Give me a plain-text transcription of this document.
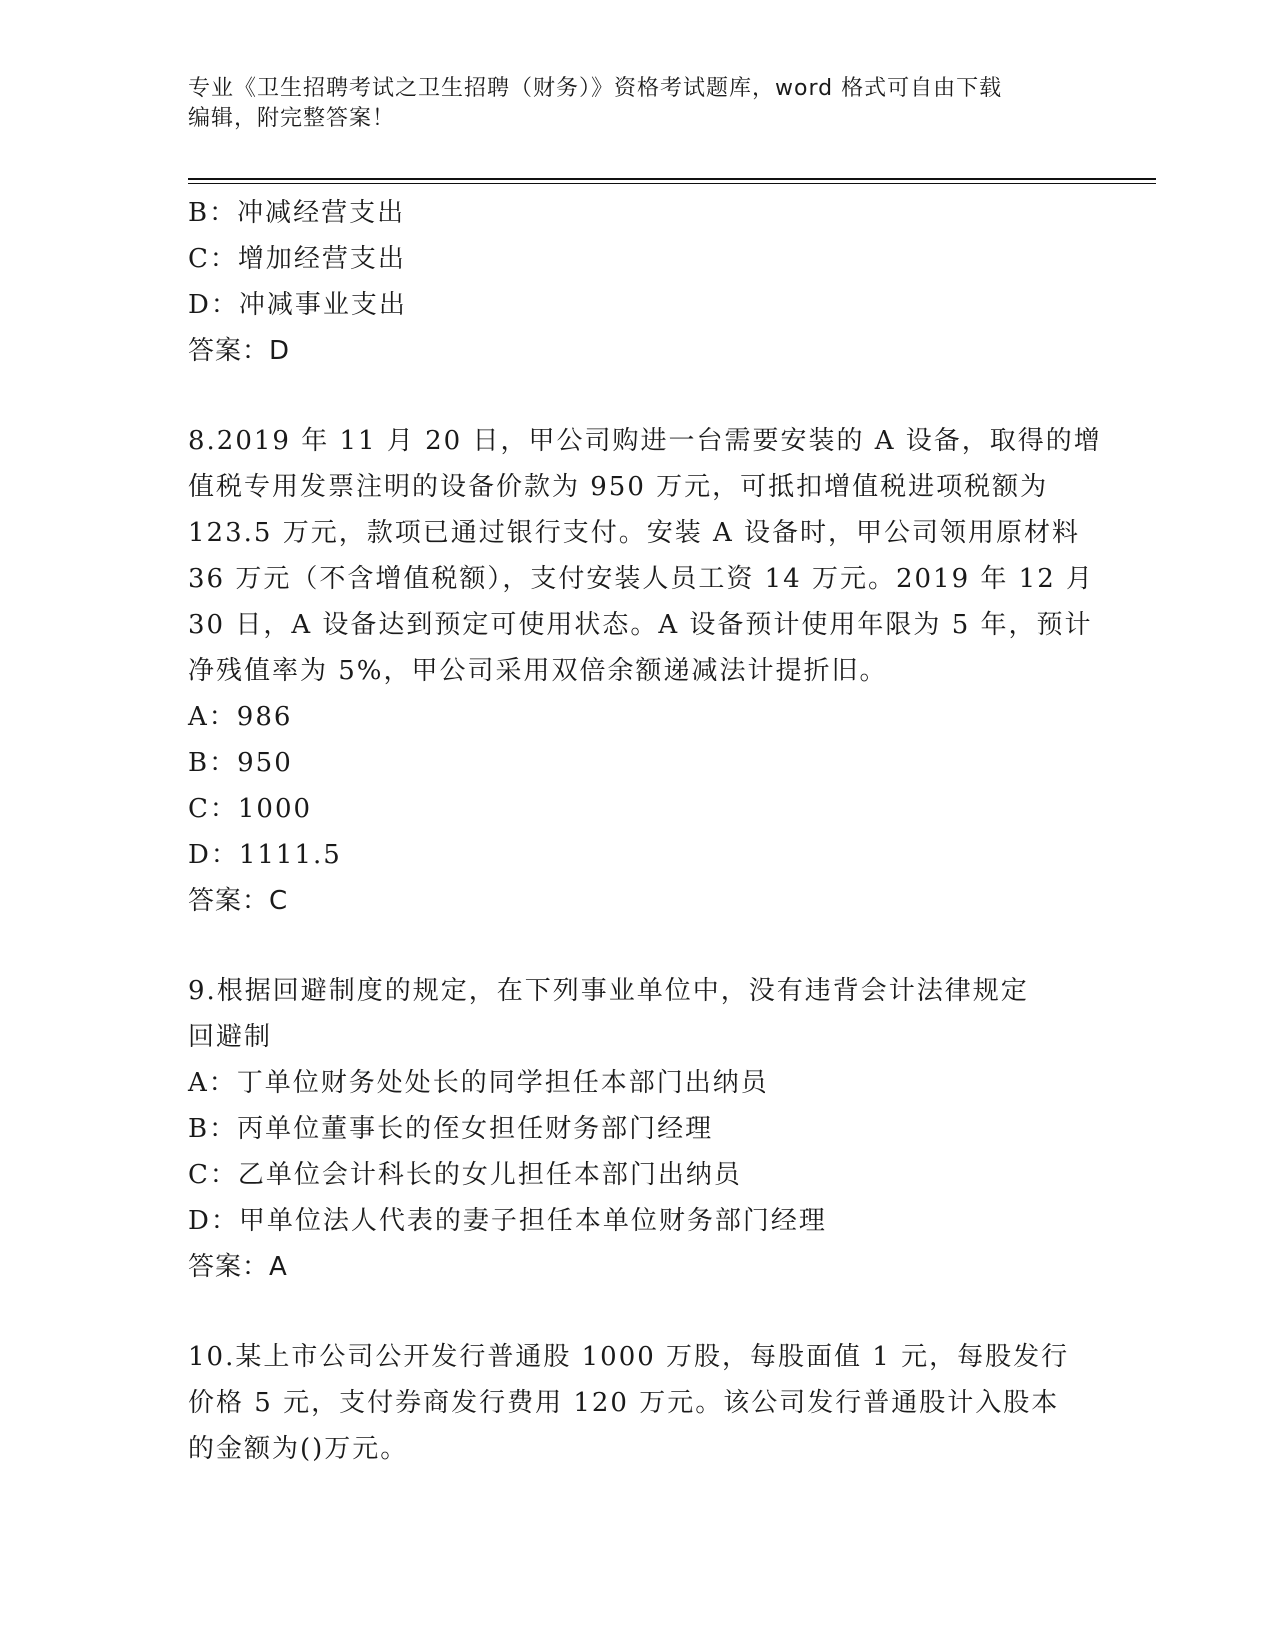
专业《卫生招聘考试之卫生招聘（财务）》资格考试题库，word 格式可自由下载
编辑，附完整答案！
B：冲减经营支出
C：增加经营支出
D：冲减事业支出
答案：D
8.2019 年 11 月 20 日，甲公司购进一台需要安装的 A 设备，取得的增
值税专用发票注明的设备价款为 950 万元，可抵扣增值税进项税额为
123.5 万元，款项已通过银行支付。安装 A 设备时，甲公司领用原材料
36 万元（不含增值税额），支付安装人员工资 14 万元。2019 年 12 月
30 日，A 设备达到预定可使用状态。A 设备预计使用年限为 5 年，预计
净残值率为 5%，甲公司采用双倍余额递减法计提折旧。
A：986
B：950
C：1000
D：1111.5
答案：C
9.根据回避制度的规定，在下列事业单位中，没有违背会计法律规定
回避制
A：丁单位财务处处长的同学担任本部门出纳员
B：丙单位董事长的侄女担任财务部门经理
C：乙单位会计科长的女儿担任本部门出纳员
D：甲单位法人代表的妻子担任本单位财务部门经理
答案：A
10.某上市公司公开发行普通股 1000 万股，每股面值 1 元，每股发行
价格 5 元，支付券商发行费用 120 万元。该公司发行普通股计入股本
的金额为()万元。
